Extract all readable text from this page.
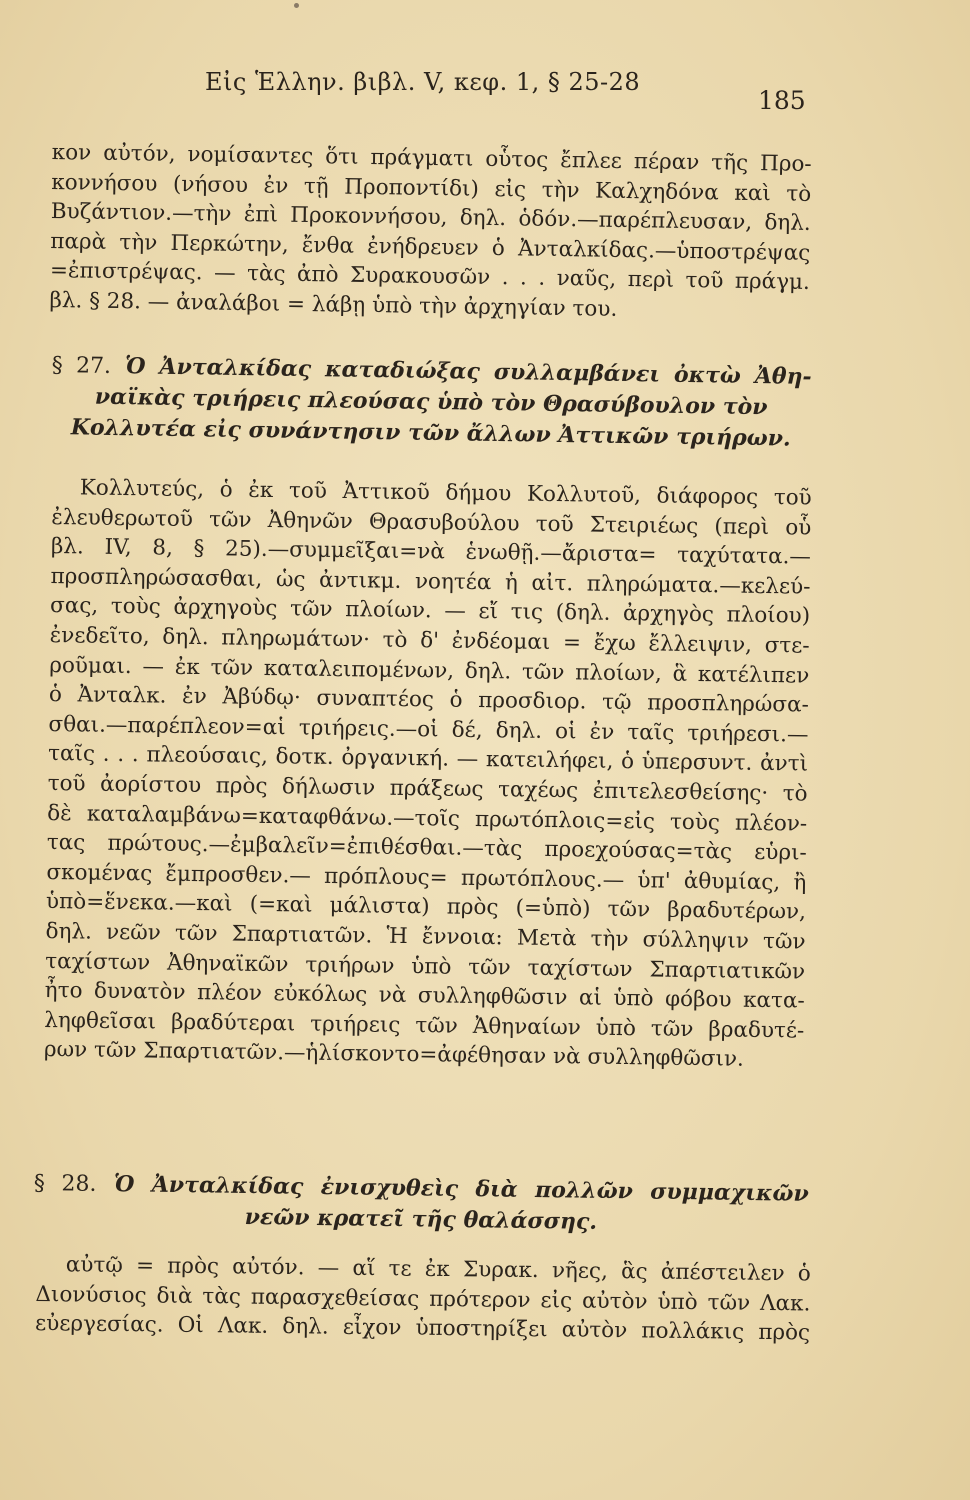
Εἰς Ἑλλην. βιβλ. V, κεφ. 1, § 25-28
185
κον αὐτόν, νομίσαντες ὅτι πράγματι οὗτος ἔπλεε πέραν τῆς Προ-
κοννήσου (νήσου ἐν τῇ Προποντίδι) εἰς τὴν Καλχηδόνα καὶ τὸ
Βυζάντιον.—τὴν ἐπὶ Προκοννήσου, δηλ. ὁδόν.—παρέπλευσαν, δηλ.
παρὰ τὴν Περκώτην, ἔνθα ἐνήδρευεν ὁ Ἀνταλκίδας.—ὑποστρέψας
=ἐπιστρέψας. — τὰς ἀπὸ Συρακουσῶν . . . ναῦς, περὶ τοῦ πράγμ.
βλ. § 28. — ἀναλάβοι = λάβῃ ὑπὸ τὴν ἀρχηγίαν του.
§ 27. Ὁ Ἀνταλκίδας καταδιώξας συλλαμβάνει ὀκτὼ Ἀθη-
ναϊκὰς τριήρεις πλεούσας ὑπὸ τὸν Θρασύβουλον τὸν
Κολλυτέα εἰς συνάντησιν τῶν ἄλλων Ἀττικῶν τριήρων.
Κολλυτεύς, ὁ ἐκ τοῦ Ἀττικοῦ δήμου Κολλυτοῦ, διάφορος τοῦ
ἐλευθερωτοῦ τῶν Ἀθηνῶν Θρασυβούλου τοῦ Στειριέως (περὶ οὗ
βλ. IV, 8, § 25).—συμμεῖξαι=νὰ ἑνωθῇ.—ἄριστα= ταχύτατα.—
προσπληρώσασθαι, ὡς ἀντικμ. νοητέα ἡ αἰτ. πληρώματα.—κελεύ-
σας, τοὺς ἀρχηγοὺς τῶν πλοίων. — εἴ τις (δηλ. ἀρχηγὸς πλοίου)
ἐνεδεῖτο, δηλ. πληρωμάτων· τὸ δ' ἐνδέομαι = ἔχω ἔλλειψιν, στε-
ροῦμαι. — ἐκ τῶν καταλειπομένων, δηλ. τῶν πλοίων, ἃ κατέλιπεν
ὁ Ἀνταλκ. ἐν Ἀβύδῳ· συναπτέος ὁ προσδιορ. τῷ προσπληρώσα-
σθαι.—παρέπλεον=αἱ τριήρεις.—οἱ δέ, δηλ. οἱ ἐν ταῖς τριήρεσι.—
ταῖς . . . πλεούσαις, δοτκ. ὀργανική. — κατειλήφει, ὁ ὑπερσυντ. ἀντὶ
τοῦ ἀορίστου πρὸς δήλωσιν πράξεως ταχέως ἐπιτελεσθείσης· τὸ
δὲ καταλαμβάνω=καταφθάνω.—τοῖς πρωτόπλοις=εἰς τοὺς πλέον-
τας πρώτους.—ἐμβαλεῖν=ἐπιθέσθαι.—τὰς προεχούσας=τὰς εὑρι-
σκομένας ἔμπροσθεν.— πρόπλους= πρωτόπλους.— ὑπ' ἀθυμίας, ἢ
ὑπὸ=ἕνεκα.—καὶ (=καὶ μάλιστα) πρὸς (=ὑπὸ) τῶν βραδυτέρων,
δηλ. νεῶν τῶν Σπαρτιατῶν. Ἡ ἔννοια: Μετὰ τὴν σύλληψιν τῶν
ταχίστων Ἀθηναϊκῶν τριήρων ὑπὸ τῶν ταχίστων Σπαρτιατικῶν
ἦτο δυνατὸν πλέον εὐκόλως νὰ συλληφθῶσιν αἱ ὑπὸ φόβου κατα-
ληφθεῖσαι βραδύτεραι τριήρεις τῶν Ἀθηναίων ὑπὸ τῶν βραδυτέ-
ρων τῶν Σπαρτιατῶν.—ἡλίσκοντο=ἀφέθησαν νὰ συλληφθῶσιν.
§ 28. Ὁ Ἀνταλκίδας ἐνισχυθεὶς διὰ πολλῶν συμμαχικῶν
νεῶν κρατεῖ τῆς θαλάσσης.
αὐτῷ = πρὸς αὐτόν. — αἵ τε ἐκ Συρακ. νῆες, ἃς ἀπέστειλεν ὁ
Διονύσιος διὰ τὰς παρασχεθείσας πρότερον εἰς αὐτὸν ὑπὸ τῶν Λακ.
εὐεργεσίας. Οἱ Λακ. δηλ. εἶχον ὑποστηρίξει αὐτὸν πολλάκις πρὸς
